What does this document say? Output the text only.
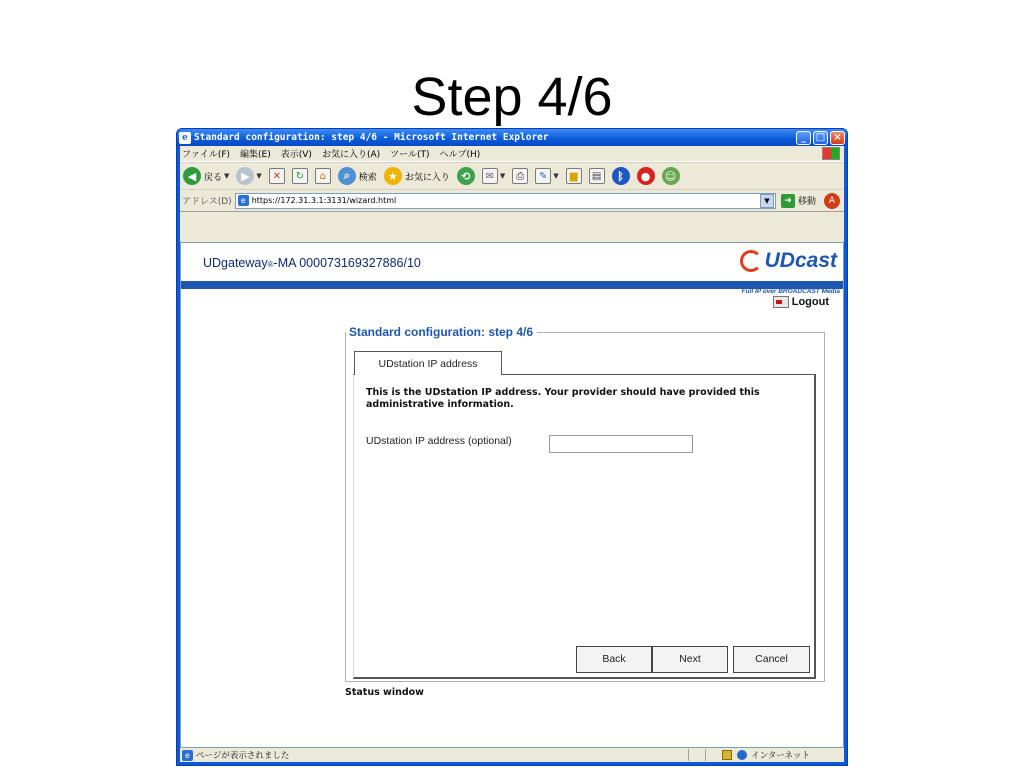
Step 4/6
e Standard configuration: step 4/6 - Microsoft Internet Explorer	_ □ ×
ファイル(F) 編集(E) 表示(V) お気に入り(A) ツール(T) ヘルプ(H)
◀ 戻る ▼	▶ ▼	✕	↻	⌂	⌕ 検索	★ お気に入り	⟲	✉ ▼	⎙	✎ ▼	▆	▤	ᛒ	●	☺
アドレス(D)	e https://172.31.3.1:3131/wizard.html	▼	➜ 移動	A
UDgateway®-MA 000073169327886/10	UDcast
Full IP over BROADCAST Media
Logout
Standard configuration: step 4/6
UDstation IP address
This is the UDstation IP address. Your provider should have provided this administrative information.
UDstation IP address (optional)
Back	Next	Cancel
Status window
e ページが表示されました	インターネット
